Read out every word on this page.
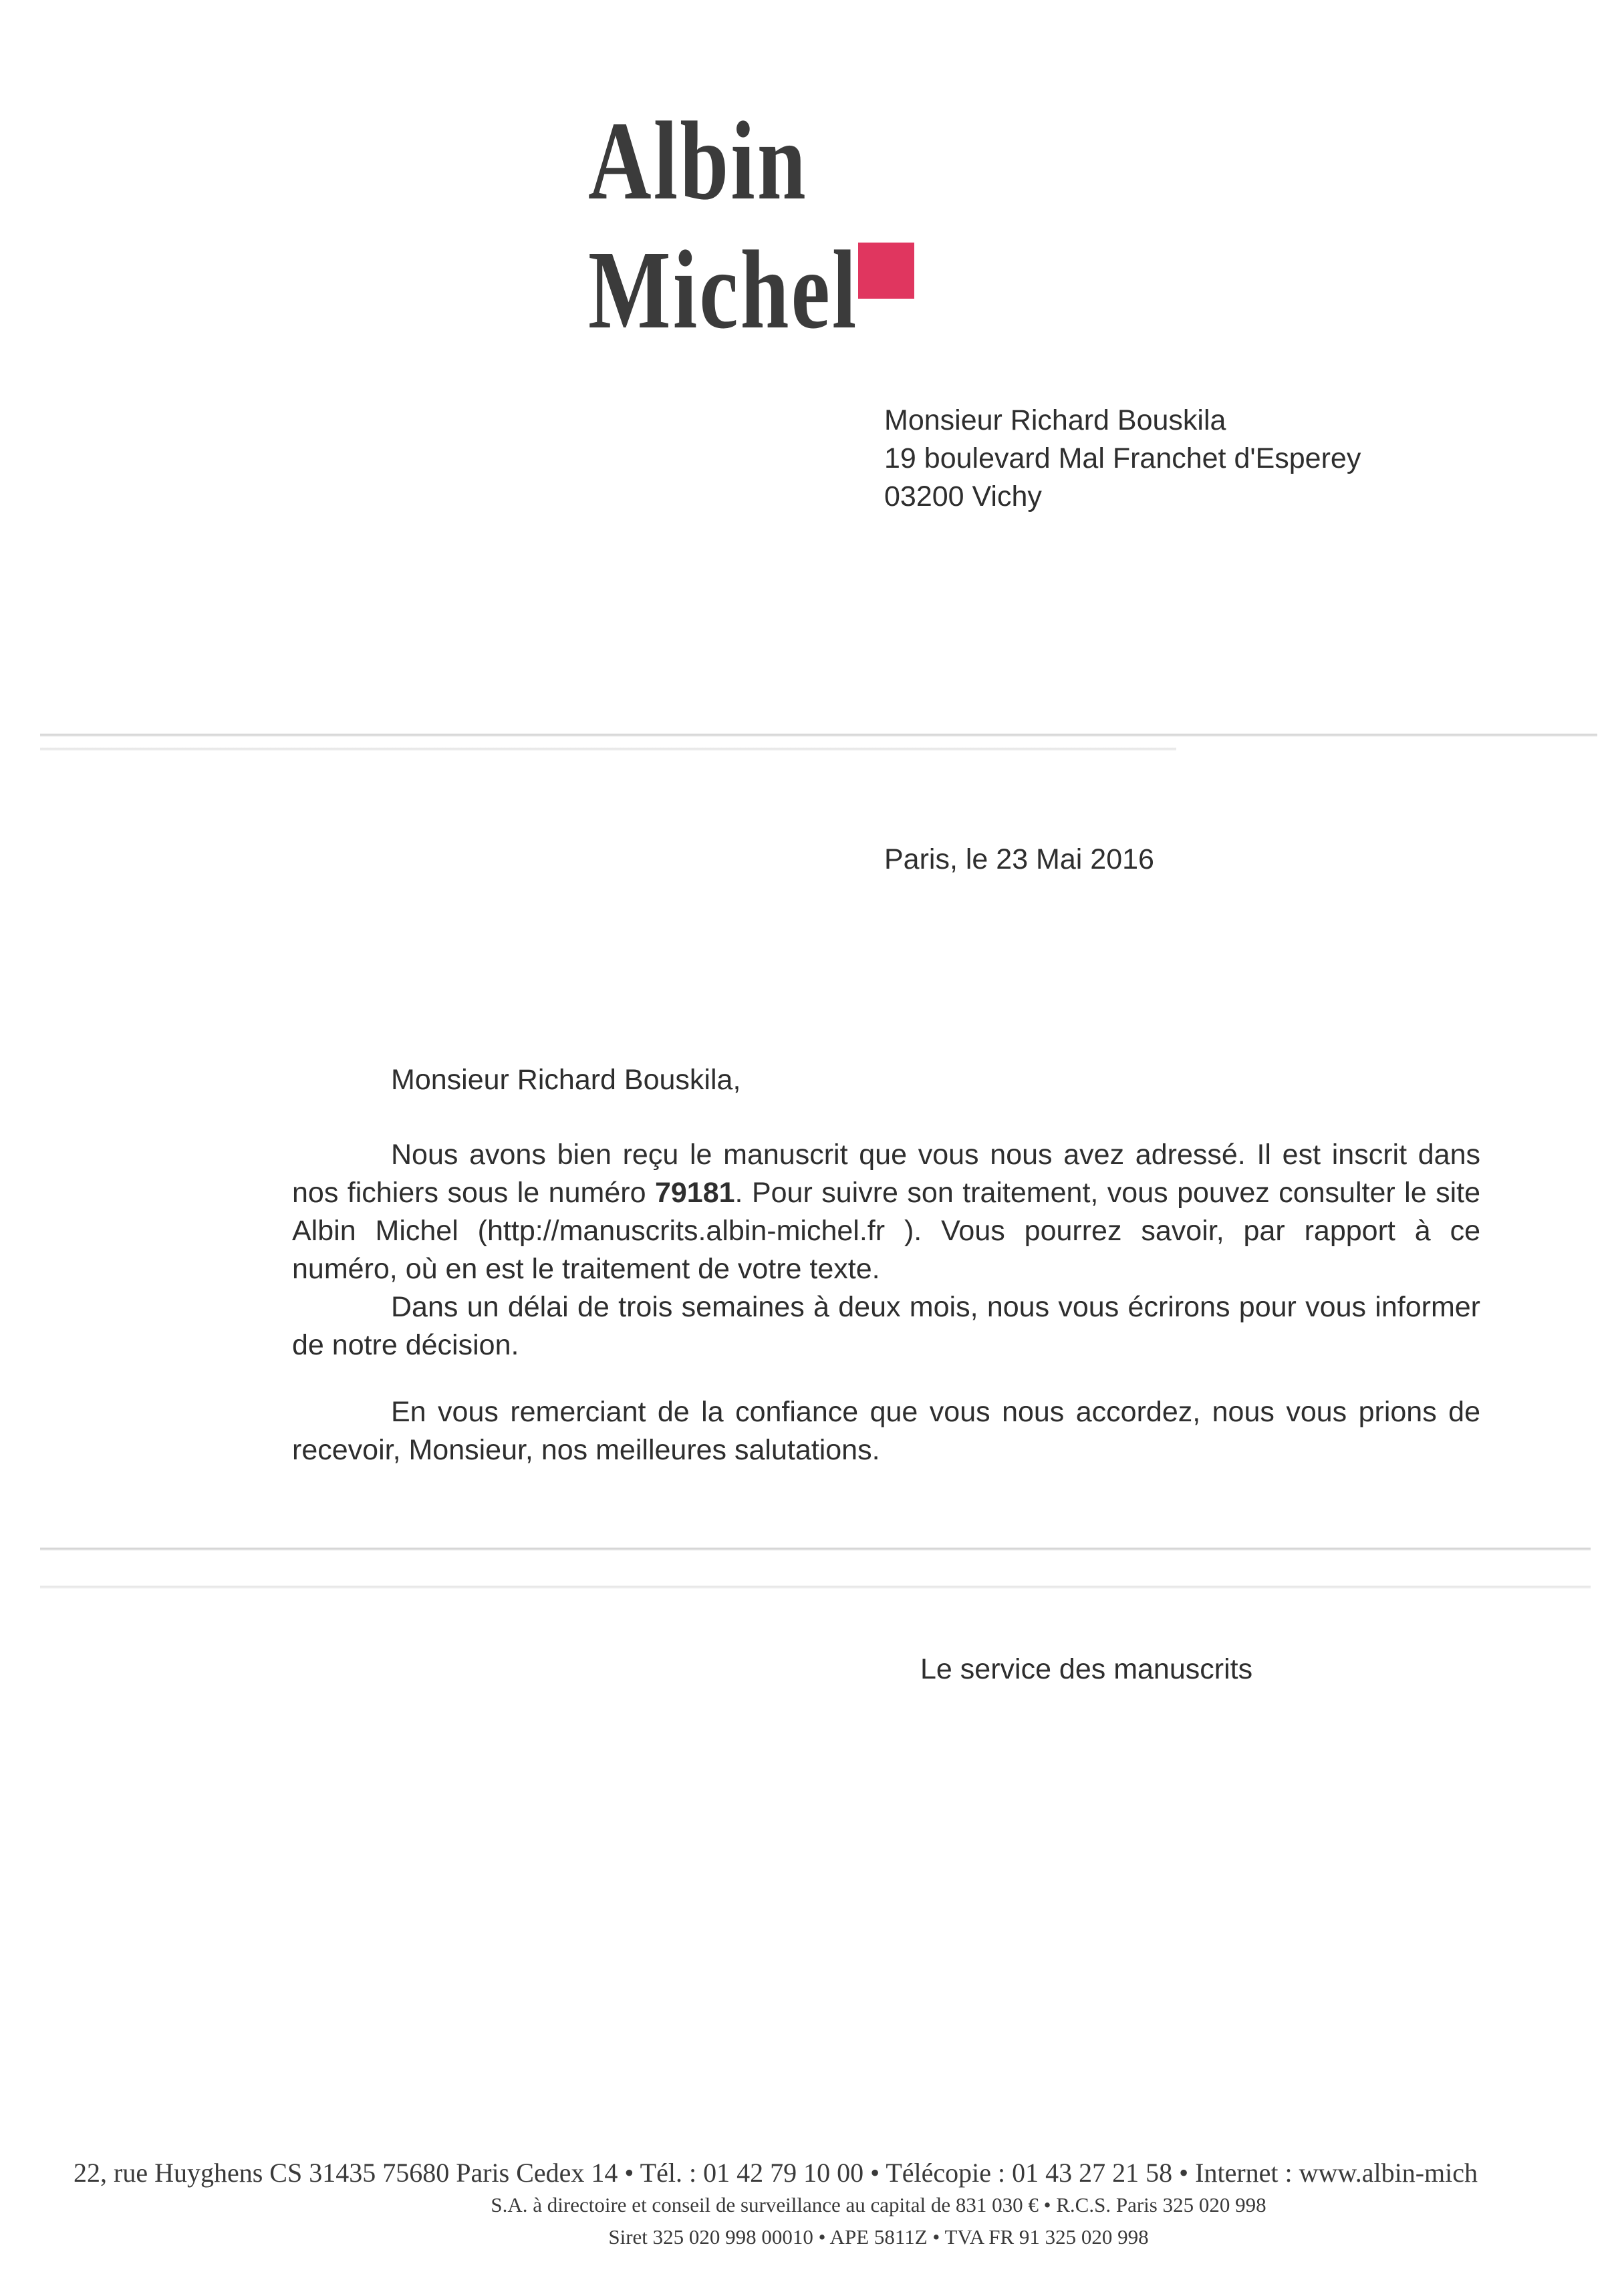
Albin Michel
Monsieur Richard Bouskila
19 boulevard Mal Franchet d'Esperey
03200 Vichy
Paris, le 23 Mai 2016
Monsieur Richard Bouskila,

Nous avons bien reçu le manuscrit que vous nous avez adressé. Il est inscrit dans nos fichiers sous le numéro 79181. Pour suivre son traitement, vous pouvez consulter le site Albin Michel (http://manuscrits.albin-michel.fr ). Vous pourrez savoir, par rapport à ce numéro, où en est le traitement de votre texte.

Dans un délai de trois semaines à deux mois, nous vous écrirons pour vous informer de notre décision.

En vous remerciant de la confiance que vous nous accordez, nous vous prions de recevoir, Monsieur, nos meilleures salutations.

Le service des manuscrits
22, rue Huyghens CS 31435 75680 Paris Cedex 14 • Tél. : 01 42 79 10 00 • Télécopie : 01 43 27 21 58 • Internet : www.albin-mich
S.A. à directoire et conseil de surveillance au capital de 831 030 € • R.C.S. Paris 325 020 998
Siret 325 020 998 00010 • APE 5811Z • TVA FR 91 325 020 998
